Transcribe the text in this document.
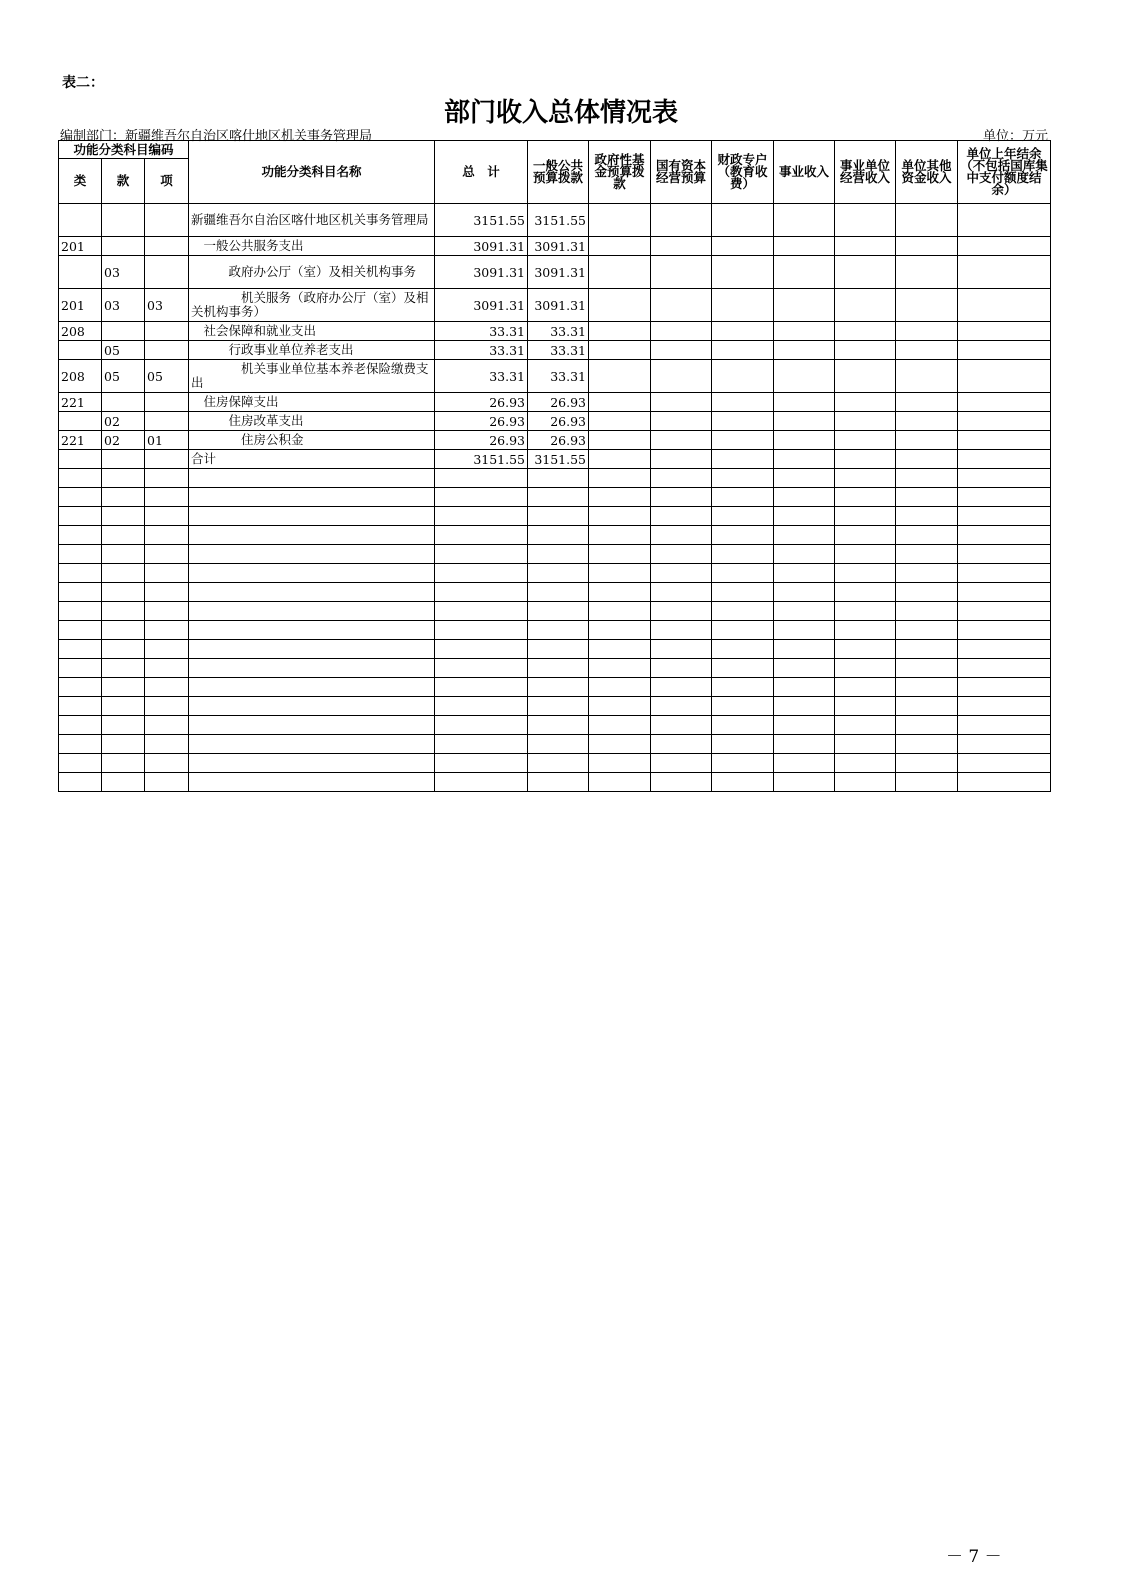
表二：
部门收入总体情况表
编制部门：新疆维吾尔自治区喀什地区机关事务管理局	单位：万元
功能分类科目编码			功能分类科目名称	总　计	一般公共预算拨款	政府性基金预算拨款	国有资本经营预算	财政专户（教育收费）	事业收入	事业单位经营收入	单位其他资金收入	单位上年结余（不包括国库集中支付额度结余）
类	款	项										
			新疆维吾尔自治区喀什地区机关事务管理局	3151.55	3151.55							
201			　一般公共服务支出	3091.31	3091.31							
	03		　　　政府办公厅（室）及相关机构事务	3091.31	3091.31							
201	03	03	　　　　机关服务（政府办公厅（室）及相关机构事务）	3091.31	3091.31							
208			　社会保障和就业支出	33.31	33.31							
	05		　　　行政事业单位养老支出	33.31	33.31							
208	05	05	　　　　机关事业单位基本养老保险缴费支出	33.31	33.31							
221			　住房保障支出	26.93	26.93							
	02		　　　住房改革支出	26.93	26.93							
221	02	01	　　　　住房公积金	26.93	26.93							
			合计	3151.55	3151.55							

－ 7 －
